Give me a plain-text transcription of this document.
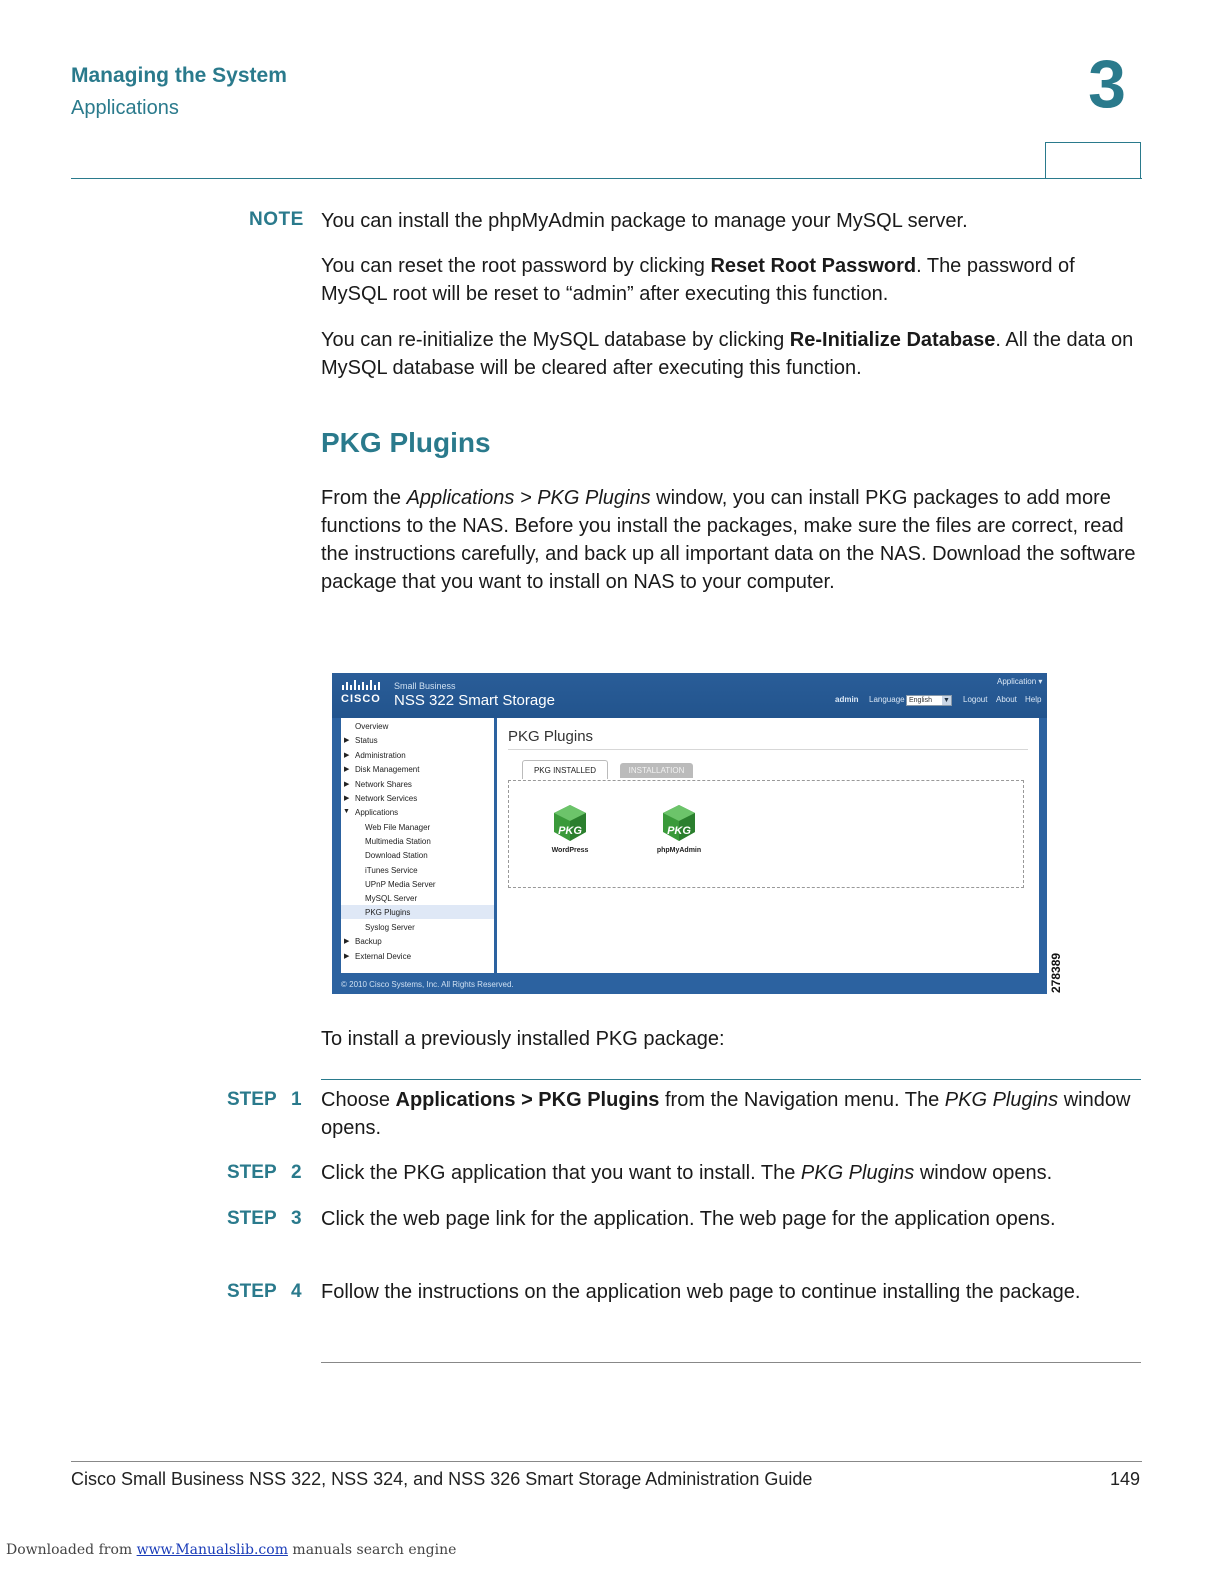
Managing the System
Applications	3
NOTE You can install the phpMyAdmin package to manage your MySQL server.
You can reset the root password by clicking Reset Root Password. The password of MySQL root will be reset to “admin” after executing this function.
You can re-initialize the MySQL database by clicking Re-Initialize Database. All the data on MySQL database will be cleared after executing this function.
PKG Plugins
From the Applications > PKG Plugins window, you can install PKG packages to add more functions to the NAS. Before you install the packages, make sure the files are correct, read the instructions carefully, and back up all important data on the NAS. Download the software package that you want to install on NAS to your computer.
CISCO
Small Business
NSS 322 Smart Storage
Application ▾
admin Language English	▼ Logout About Help
Overview
▶ Status
▶ Administration
▶ Disk Management
▶ Network Shares
▶ Network Services
▼ Applications
Web File Manager
Multimedia Station
Download Station
iTunes Service
UPnP Media Server
MySQL Server
PKG Plugins
Syslog Server
▶ Backup
▶ External Device
PKG Plugins
PKG INSTALLED	INSTALLATION
PKG
WordPress
PKG
phpMyAdmin
© 2010 Cisco Systems, Inc. All Rights Reserved.	278389
To install a previously installed PKG package:
STEP 1 Choose Applications > PKG Plugins from the Navigation menu. The PKG Plugins window opens.
STEP 2 Click the PKG application that you want to install. The PKG Plugins window opens.
STEP 3 Click the web page link for the application. The web page for the application opens.
STEP 4 Follow the instructions on the application web page to continue installing the package.
Cisco Small Business NSS 322, NSS 324, and NSS 326 Smart Storage Administration Guide	149
Downloaded from www.Manualslib.com manuals search engine
